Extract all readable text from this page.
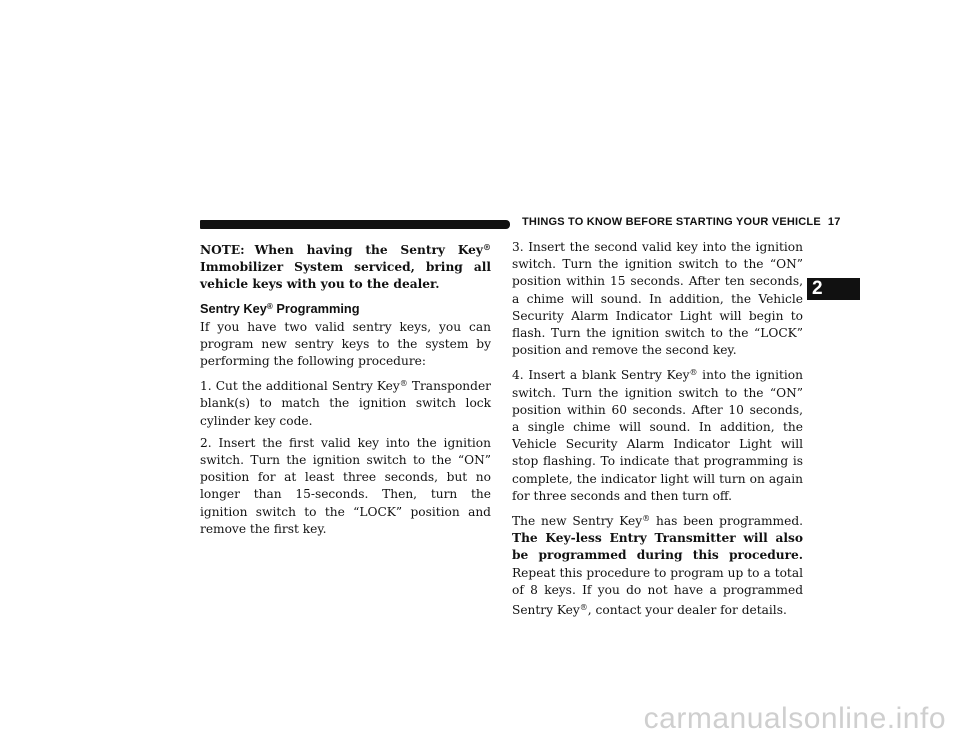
THINGS TO KNOW BEFORE STARTING YOUR VEHICLE 17
2

NOTE: When having the Sentry Key® Immobilizer System serviced, bring all vehicle keys with you to the dealer.

Sentry Key® Programming

If you have two valid sentry keys, you can program new sentry keys to the system by performing the following procedure:

1. Cut the additional Sentry Key® Transponder blank(s) to match the ignition switch lock cylinder key code.

2. Insert the first valid key into the ignition switch. Turn the ignition switch to the “ON” position for at least three seconds, but no longer than 15-seconds. Then, turn the ignition switch to the “LOCK” position and remove the first key.

3. Insert the second valid key into the ignition switch. Turn the ignition switch to the “ON” position within 15 seconds. After ten seconds, a chime will sound. In addition, the Vehicle Security Alarm Indicator Light will begin to flash. Turn the ignition switch to the “LOCK” position and remove the second key.

4. Insert a blank Sentry Key® into the ignition switch. Turn the ignition switch to the “ON” position within 60 seconds. After 10 seconds, a single chime will sound. In addition, the Vehicle Security Alarm Indicator Light will stop flashing. To indicate that programming is complete, the indicator light will turn on again for three seconds and then turn off.

The new Sentry Key® has been programmed. The Key-less Entry Transmitter will also be programmed during this procedure. Repeat this procedure to program up to a total of 8 keys. If you do not have a programmed Sentry Key®, contact your dealer for details.

carmanualsonline.info
